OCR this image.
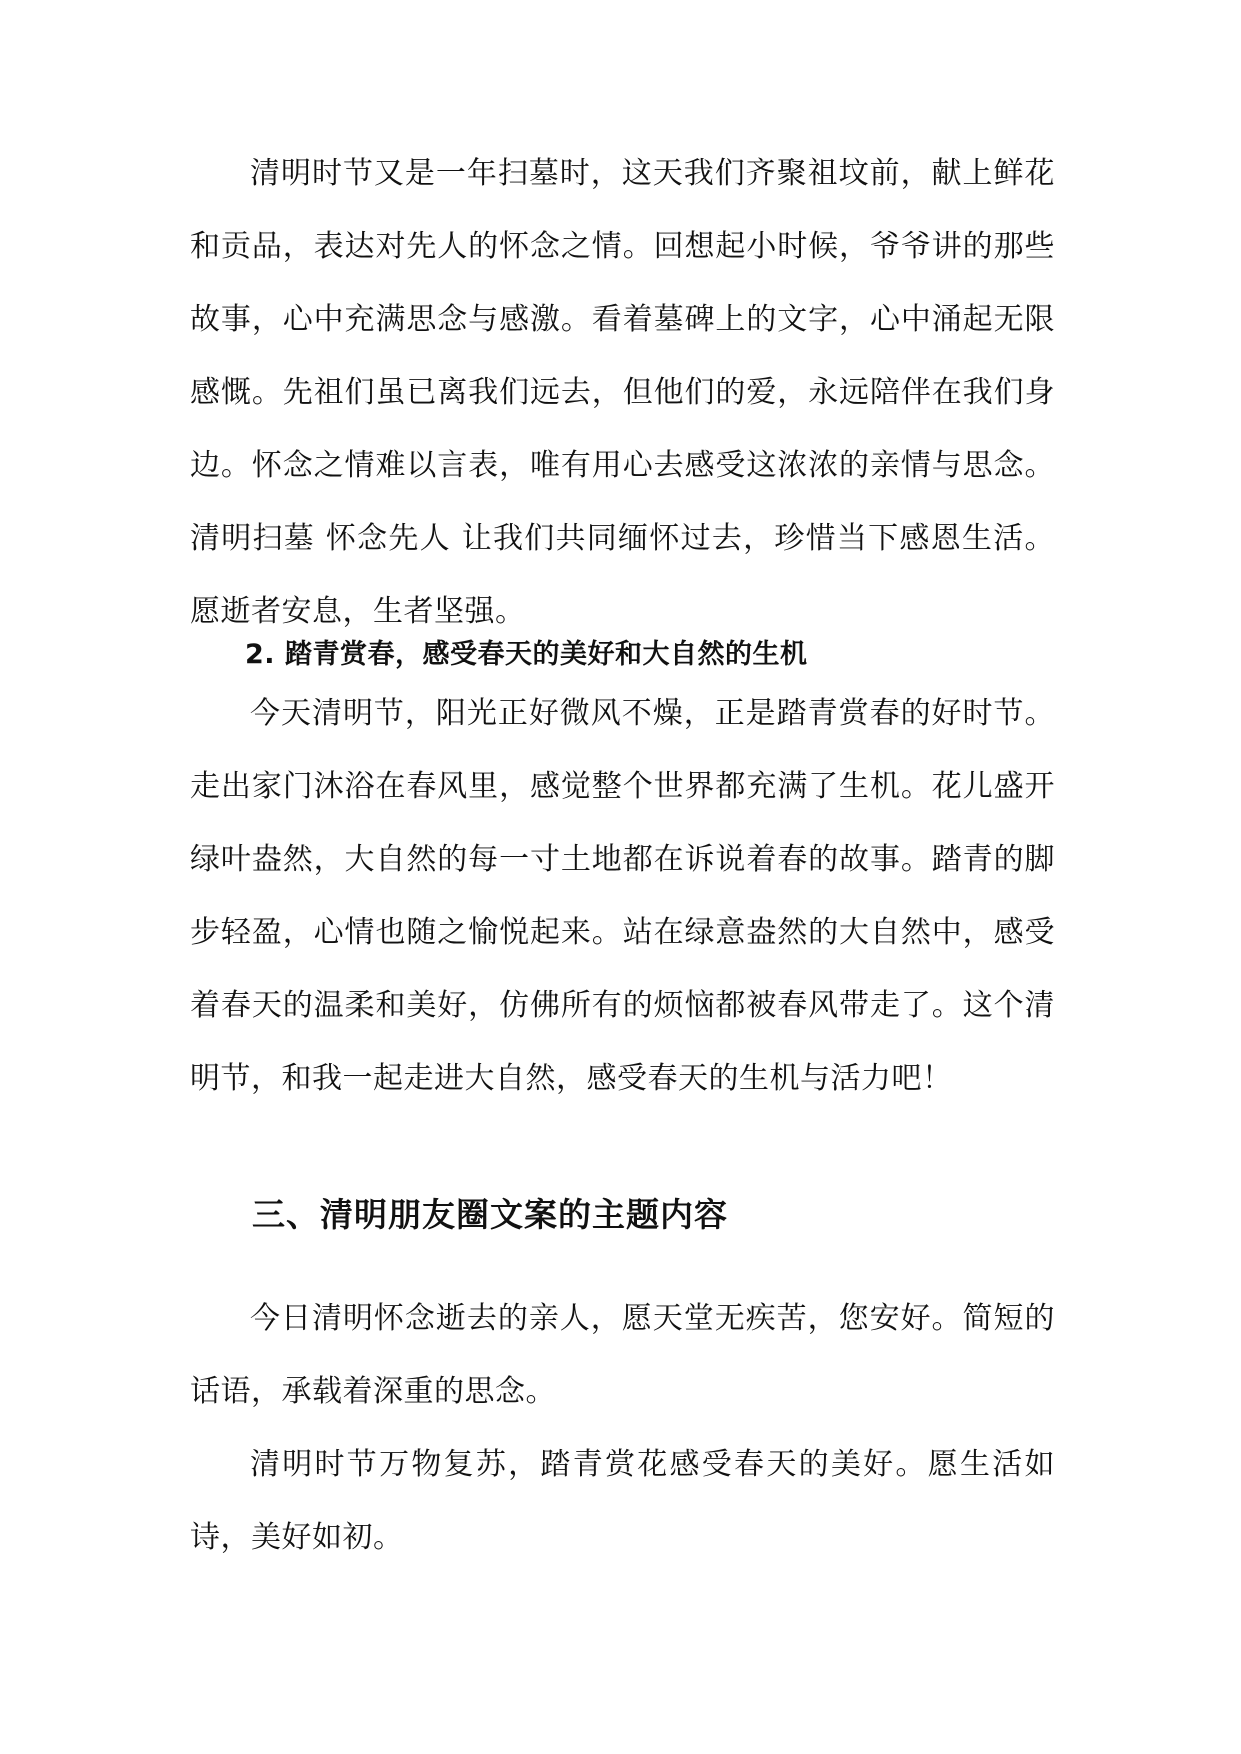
清明时节又是一年扫墓时，这天我们齐聚祖坟前，献上鲜花和贡品，表达对先人的怀念之情。回想起小时候，爷爷讲的那些故事，心中充满思念与感激。看着墓碑上的文字，心中涌起无限感慨。先祖们虽已离我们远去，但他们的爱，永远陪伴在我们身边。怀念之情难以言表，唯有用心去感受这浓浓的亲情与思念。清明扫墓 怀念先人 让我们共同缅怀过去，珍惜当下感恩生活。愿逝者安息，生者坚强。

2. 踏青赏春，感受春天的美好和大自然的生机

今天清明节，阳光正好微风不燥，正是踏青赏春的好时节。走出家门沐浴在春风里，感觉整个世界都充满了生机。花儿盛开绿叶盎然，大自然的每一寸土地都在诉说着春的故事。踏青的脚步轻盈，心情也随之愉悦起来。站在绿意盎然的大自然中，感受着春天的温柔和美好，仿佛所有的烦恼都被春风带走了。这个清明节，和我一起走进大自然，感受春天的生机与活力吧！

三、清明朋友圈文案的主题内容

今日清明怀念逝去的亲人，愿天堂无疾苦，您安好。简短的话语，承载着深重的思念。

清明时节万物复苏，踏青赏花感受春天的美好。愿生活如诗，美好如初。
